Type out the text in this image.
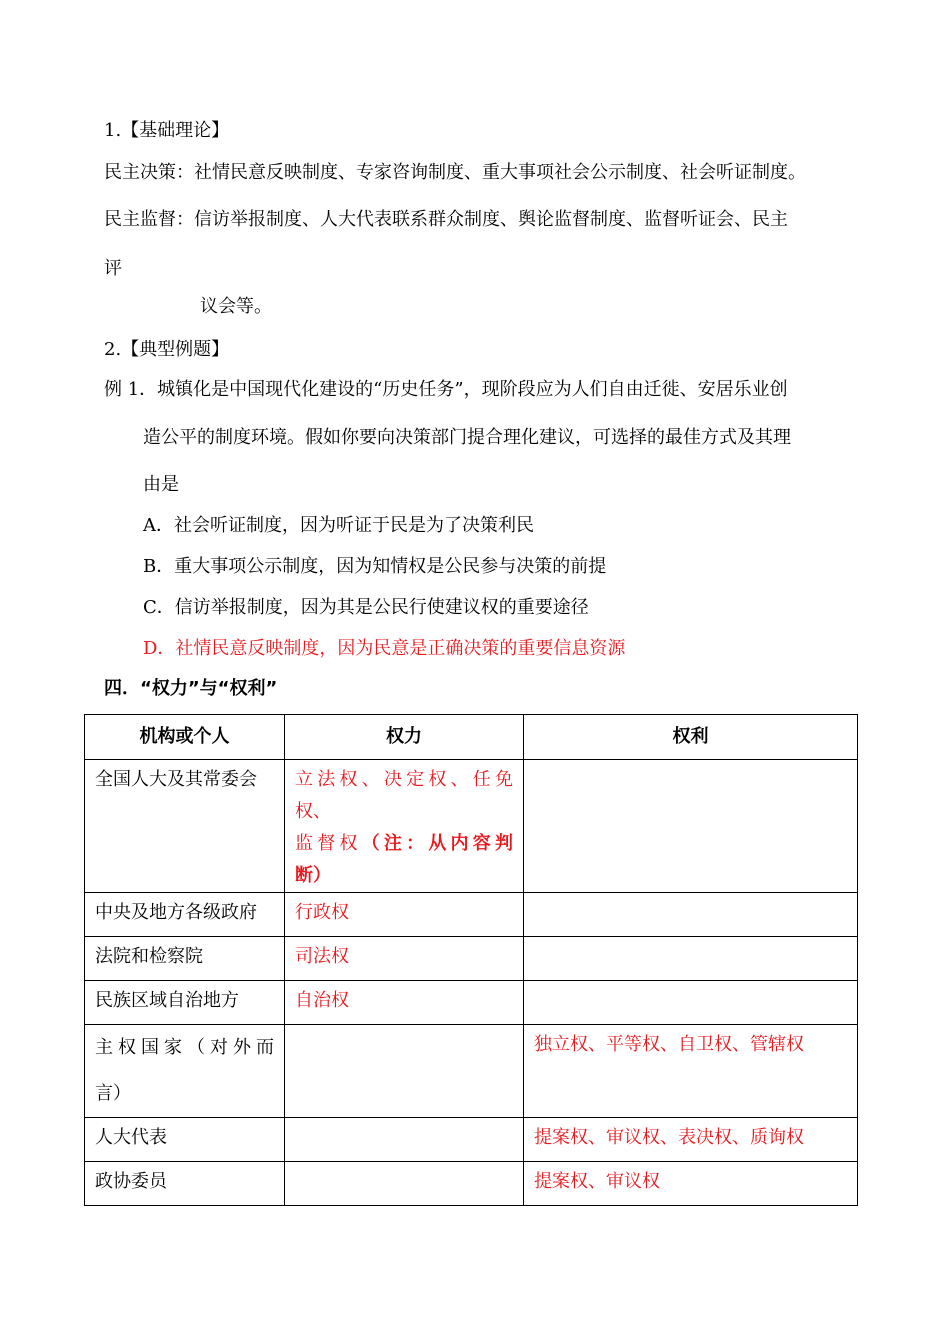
1.【基础理论】
民主决策：社情民意反映制度、专家咨询制度、重大事项社会公示制度、社会听证制度。
民主监督：信访举报制度、人大代表联系群众制度、舆论监督制度、监督听证会、民主
评
议会等。
2.【典型例题】
例 1．城镇化是中国现代化建设的“历史任务”，现阶段应为人们自由迁徙、安居乐业创
造公平的制度环境。假如你要向决策部门提合理化建议，可选择的最佳方式及其理
由是
A．社会听证制度，因为听证于民是为了决策利民
B．重大事项公示制度，因为知情权是公民参与决策的前提
C．信访举报制度，因为其是公民行使建议权的重要途径
D．社情民意反映制度，因为民意是正确决策的重要信息资源
四．“权力”与“权利”
机构或个人	权力	权利

全国人大及其常委会	立法权、决定权、任免
权、
监督权（注：从内容判
断）	

中央及地方各级政府	行政权	

法院和检察院	司法权	

民族区域自治地方	自治权	

主权国家（对外而
言）		独立权、平等权、自卫权、管辖权

人大代表		提案权、审议权、表决权、质询权

政协委员		提案权、审议权
